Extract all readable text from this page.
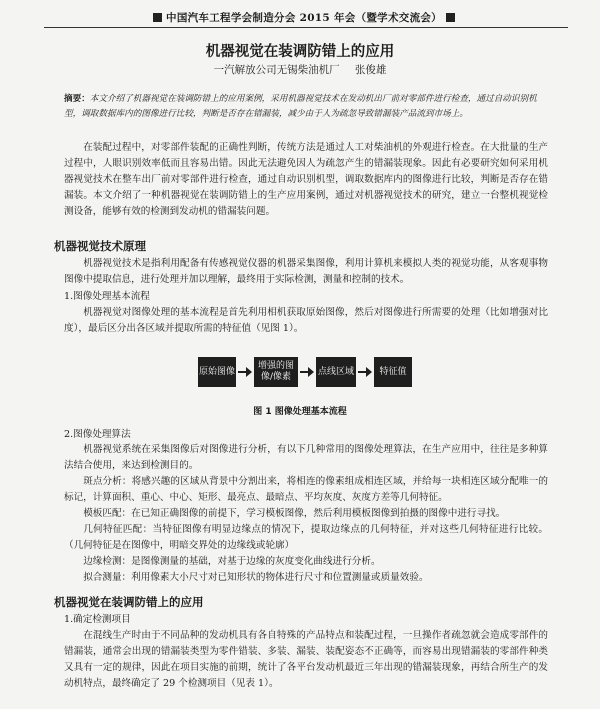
中国汽车工程学会制造分会 2015 年会（暨学术交流会）
机器视觉在装调防错上的应用
一汽解放公司无锡柴油机厂 张俊雄
摘要：本文介绍了机器视觉在装调防错上的应用案例，采用机器视觉技术在发动机出厂前对零部件进行检查，通过自动识别机型，调取数据库内的图像进行比较，判断是否存在错漏装，减少由于人为疏忽导致错漏装产品流到市场上。
在装配过程中，对零部件装配的正确性判断，传统方法是通过人工对柴油机的外观进行检查。在大批量的生产过程中，人眼识别效率低而且容易出错。因此无法避免因人为疏忽产生的错漏装现象。因此有必要研究如何采用机器视觉技术在整车出厂前对零部件进行检查，通过自动识别机型，调取数据库内的图像进行比较，判断是否存在错漏装。本文介绍了一种机器视觉在装调防错上的生产应用案例，通过对机器视觉技术的研究，建立一台整机视觉检测设备，能够有效的检测到发动机的错漏装问题。
机器视觉技术原理
机器视觉技术是指利用配备有传感视觉仪器的机器采集图像，利用计算机来模拟人类的视觉功能，从客观事物图像中提取信息，进行处理并加以理解，最终用于实际检测，测量和控制的技术。
1.图像处理基本流程
机器视觉对图像处理的基本流程是首先利用相机获取原始图像，然后对图像进行所需要的处理（比如增强对比度），最后区分出各区域并提取所需的特征值（见图 1）。
原始图像
增强的图像/像素
点线区域	特征值
图 1 图像处理基本流程
2.图像处理算法
机器视觉系统在采集图像后对图像进行分析，有以下几种常用的图像处理算法，在生产应用中，往往是多种算法结合使用，来达到检测目的。
斑点分析：将感兴趣的区域从背景中分割出来，将相连的像素组成相连区域，并给每一块相连区域分配唯一的标记，计算面积、重心、中心、矩形、最亮点、最暗点、平均灰度、灰度方差等几何特征。
模板匹配：在已知正确图像的前提下，学习模板图像，然后利用模板图像到拍摄的图像中进行寻找。
几何特征匹配：当特征图像有明显边缘点的情况下，提取边缘点的几何特征，并对这些几何特征进行比较。（几何特征是在图像中，明暗交界处的边缘线或轮廓）
边缘检测：是图像测量的基础，对基于边缘的灰度变化曲线进行分析。
拟合测量：利用像素大小尺寸对已知形状的物体进行尺寸和位置测量或质量效验。
机器视觉在装调防错上的应用
1.确定检测项目
在混线生产时由于不同品种的发动机具有各自特殊的产品特点和装配过程，一旦操作者疏忽就会造成零部件的错漏装，通常会出现的错漏装类型为零件错装、多装、漏装、装配姿态不正确等，而容易出现错漏装的零部件种类又具有一定的规律，因此在项目实施的前期，统计了各平台发动机最近三年出现的错漏装现象，再结合所生产的发动机特点，最终确定了 29 个检测项目（见表 1）。
